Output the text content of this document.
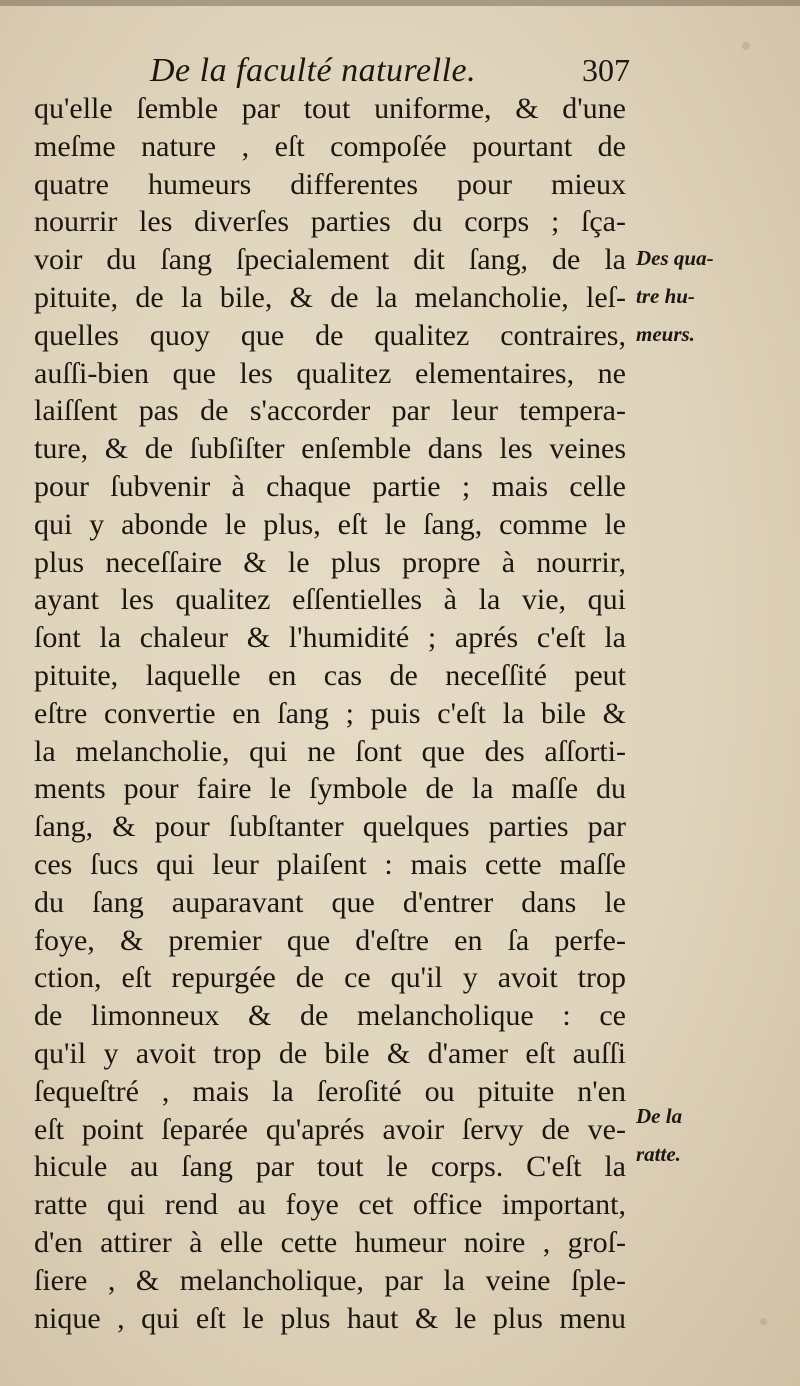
De la faculté naturelle.	307
qu'elle ſemble par tout uniforme, & d'une
meſme nature , eſt compoſée pourtant de
quatre humeurs differentes pour mieux
nourrir les diverſes parties du corps ; ſça-
voir du ſang ſpecialement dit ſang, de la
pituite, de la bile, & de la melancholie, leſ-
quelles quoy que de qualitez contraires,
auſſi-bien que les qualitez elementaires, ne
laiſſent pas de s'accorder par leur tempera-
ture, & de ſubſiſter enſemble dans les veines
pour ſubvenir à chaque partie ; mais celle
qui y abonde le plus, eſt le ſang, comme le
plus neceſſaire & le plus propre à nourrir,
ayant les qualitez eſſentielles à la vie, qui
ſont la chaleur & l'humidité ; aprés c'eſt la
pituite, laquelle en cas de neceſſité peut
eſtre convertie en ſang ; puis c'eſt la bile &
la melancholie, qui ne ſont que des aſſorti-
ments pour faire le ſymbole de la maſſe du
ſang, & pour ſubſtanter quelques parties par
ces ſucs qui leur plaiſent : mais cette maſſe
du ſang auparavant que d'entrer dans le
foye, & premier que d'eſtre en ſa perfe-
ction, eſt repurgée de ce qu'il y avoit trop
de limonneux & de melancholique : ce
qu'il y avoit trop de bile & d'amer eſt auſſi
ſequeſtré , mais la ſeroſité ou pituite n'en
eſt point ſeparée qu'aprés avoir ſervy de ve-
hicule au ſang par tout le corps. C'eſt la
ratte qui rend au foye cet office important,
d'en attirer à elle cette humeur noire , groſ-
ſiere , & melancholique, par la veine ſple-
nique , qui eſt le plus haut & le plus menu
Des qua-
tre hu-
meurs.
De la
ratte.
